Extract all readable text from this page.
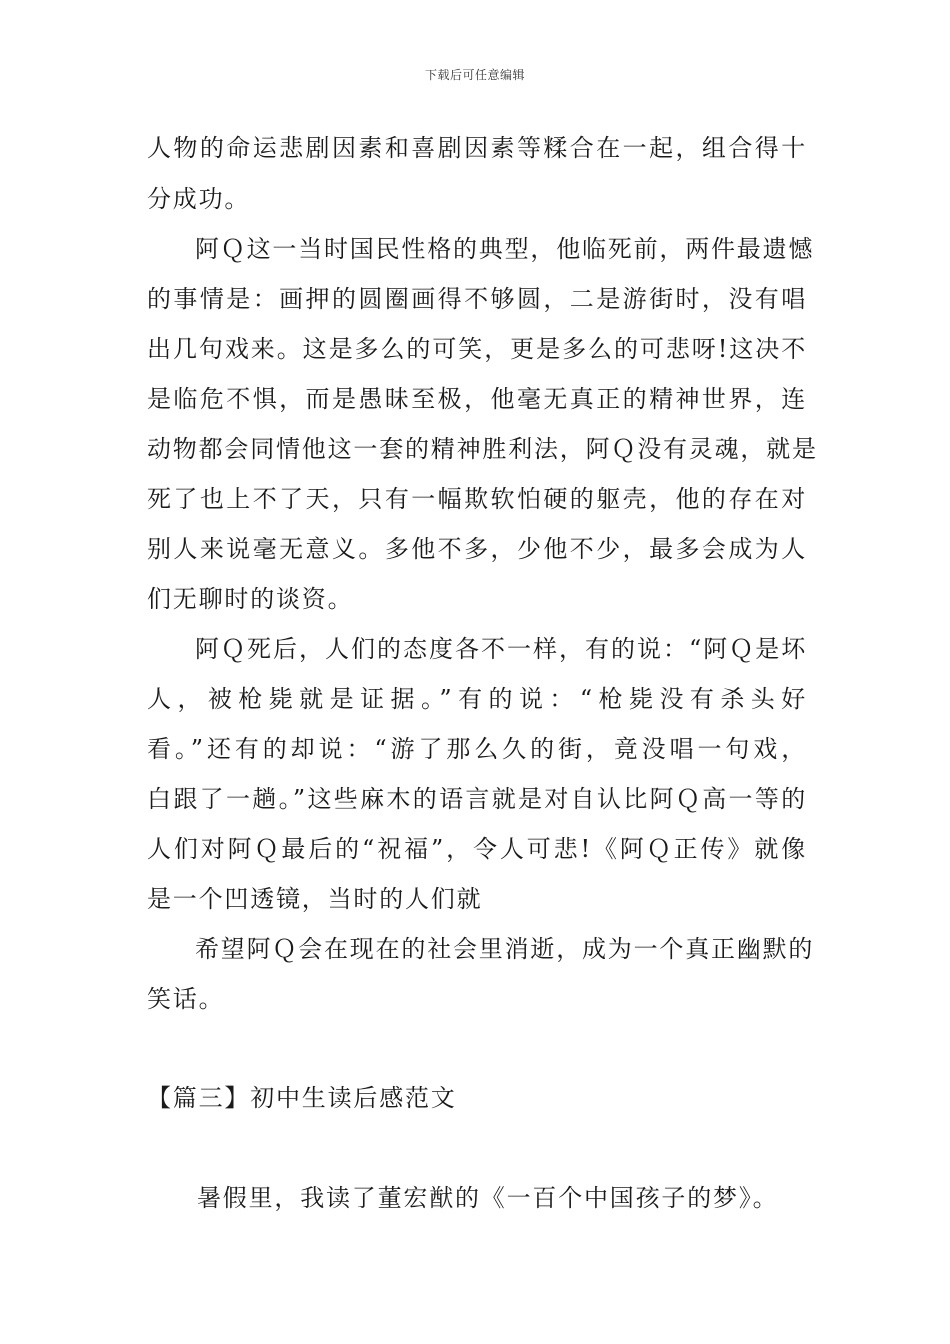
下载后可任意编辑
人物的命运悲剧因素和喜剧因素等糅合在一起，组合得十
分成功。
阿Ｑ这一当时国民性格的典型，他临死前，两件最遗憾
的事情是：画押的圆圈画得不够圆，二是游街时，没有唱
出几句戏来。这是多么的可笑，更是多么的可悲呀!这决不
是临危不惧，而是愚昧至极，他毫无真正的精神世界，连
动物都会同情他这一套的精神胜利法，阿Ｑ没有灵魂，就是
死了也上不了天，只有一幅欺软怕硬的躯壳，他的存在对
别人来说毫无意义。多他不多，少他不少，最多会成为人
们无聊时的谈资。
阿Ｑ死后，人们的态度各不一样，有的说：“阿Ｑ是坏
人，被枪毙就是证据。”有的说：“枪毙没有杀头好
看。”还有的却说：“游了那么久的街，竟没唱一句戏，
白跟了一趟。”这些麻木的语言就是对自认比阿Ｑ高一等的
人们对阿Ｑ最后的“祝福”，令人可悲!《阿Ｑ正传》就像
是一个凹透镜，当时的人们就
希望阿Ｑ会在现在的社会里消逝，成为一个真正幽默的
笑话。
【篇三】初中生读后感范文
暑假里，我读了董宏猷的《一百个中国孩子的梦》。
